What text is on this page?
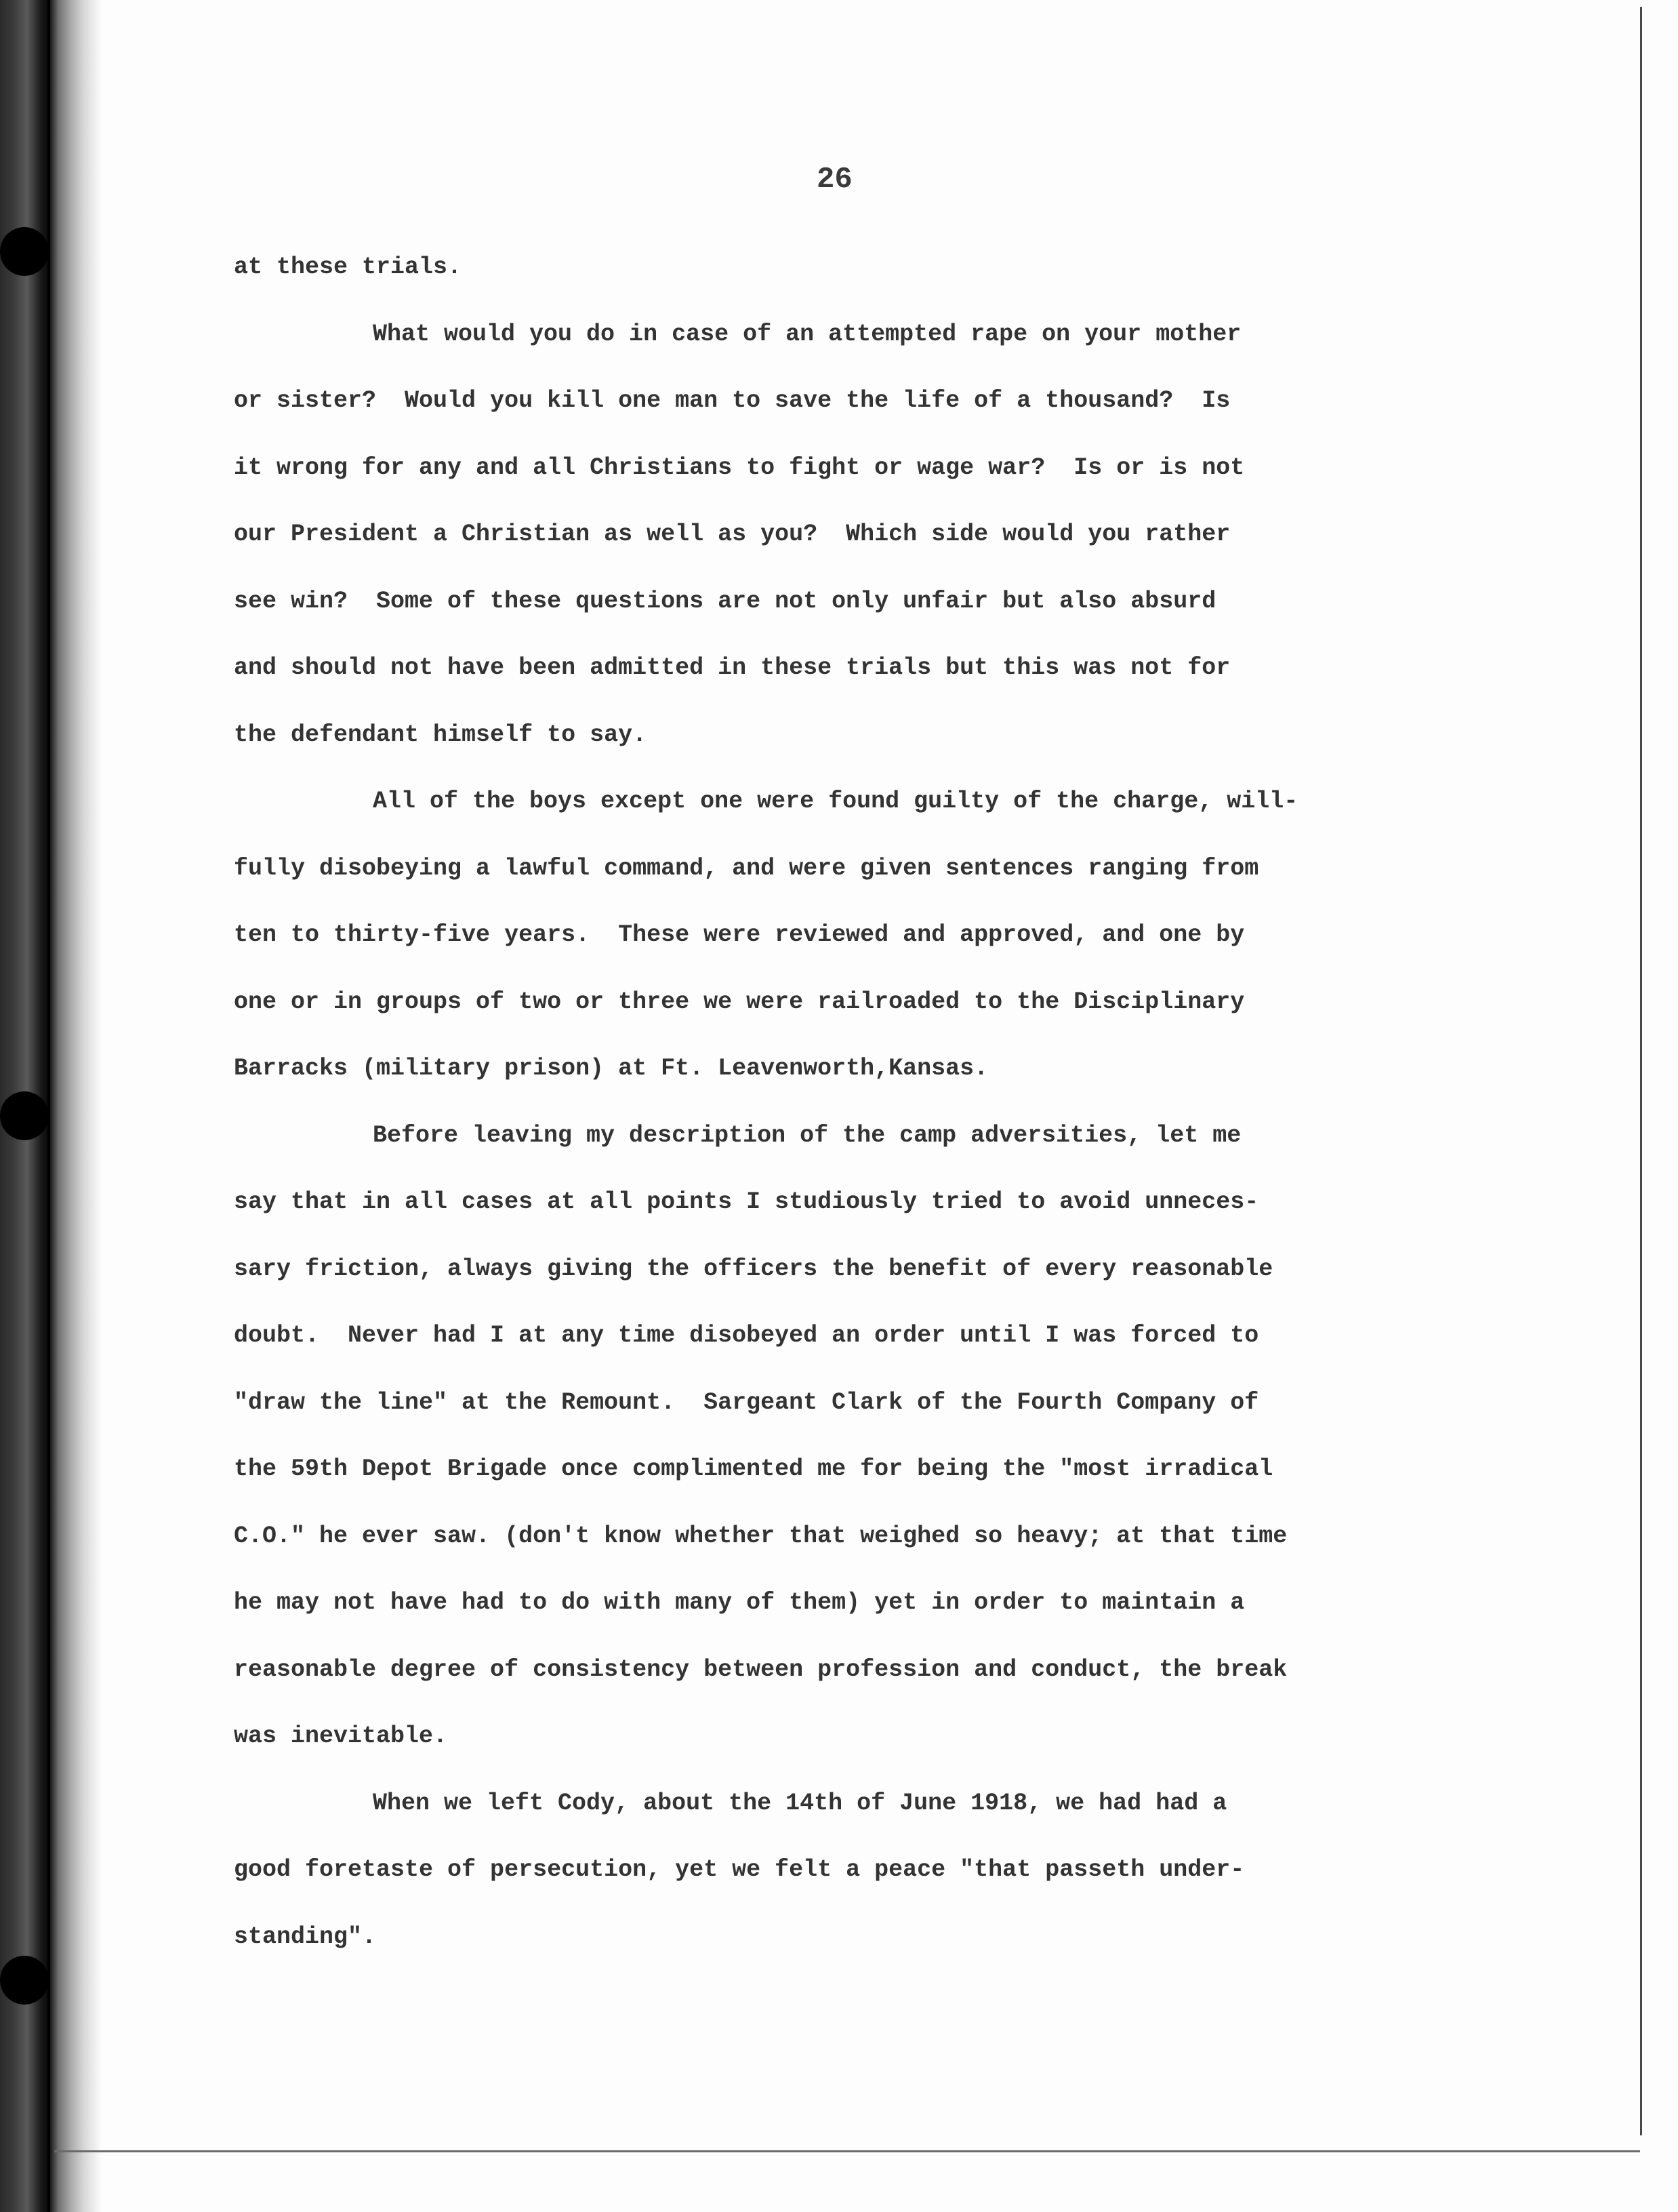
26
at these trials.
What would you do in case of an attempted rape on your mother
or sister?  Would you kill one man to save the life of a thousand?  Is
it wrong for any and all Christians to fight or wage war?  Is or is not
our President a Christian as well as you?  Which side would you rather
see win?  Some of these questions are not only unfair but also absurd
and should not have been admitted in these trials but this was not for
the defendant himself to say.
All of the boys except one were found guilty of the charge, will-
fully disobeying a lawful command, and were given sentences ranging from
ten to thirty-five years.  These were reviewed and approved, and one by
one or in groups of two or three we were railroaded to the Disciplinary
Barracks (military prison) at Ft. Leavenworth,Kansas.
Before leaving my description of the camp adversities, let me
say that in all cases at all points I studiously tried to avoid unneces-
sary friction, always giving the officers the benefit of every reasonable
doubt.  Never had I at any time disobeyed an order until I was forced to
"draw the line" at the Remount.  Sargeant Clark of the Fourth Company of
the 59th Depot Brigade once complimented me for being the "most irradical
C.O." he ever saw. (don't know whether that weighed so heavy; at that time
he may not have had to do with many of them) yet in order to maintain a
reasonable degree of consistency between profession and conduct, the break
was inevitable.
When we left Cody, about the 14th of June 1918, we had had a
good foretaste of persecution, yet we felt a peace "that passeth under-
standing".
